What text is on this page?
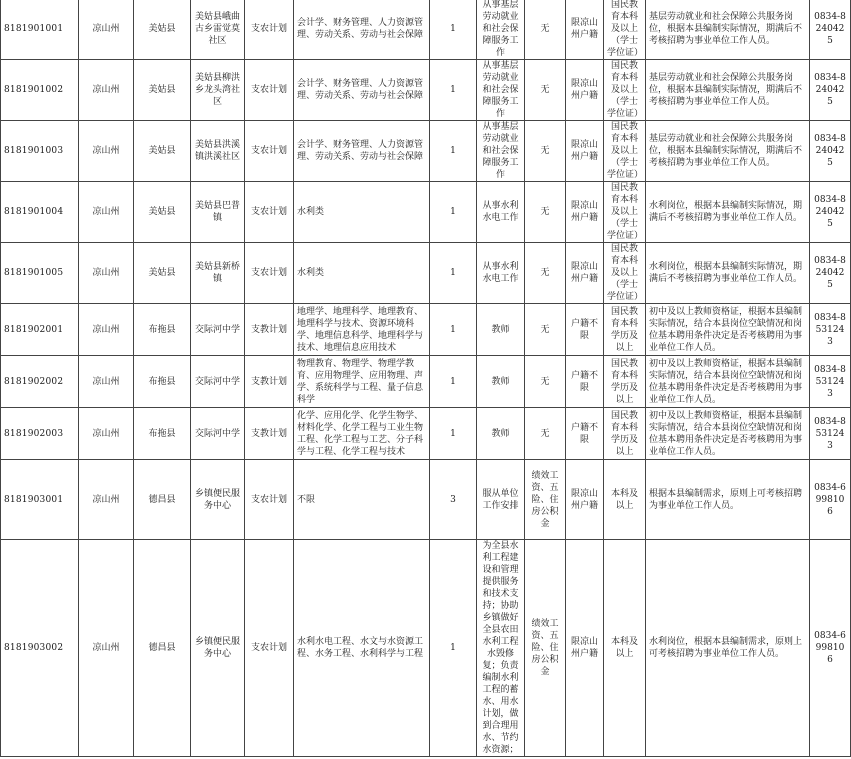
8181901001	凉山州	美姑县	美姑县峨曲古乡雷觉莫社区	支农计划	会计学、财务管理、人力资源管理、劳动关系、劳动与社会保障	1	从事基层劳动就业和社会保障服务工作	无	限凉山州户籍	国民教育本科及以上（学士学位证）	基层劳动就业和社会保障公共服务岗位，根据本县编制实际情况，期满后不考核招聘为事业单位工作人员。	0834-8240425
8181901002	凉山州	美姑县	美姑县柳洪乡龙头湾社区	支农计划	会计学、财务管理、人力资源管理、劳动关系、劳动与社会保障	1	从事基层劳动就业和社会保障服务工作	无	限凉山州户籍	国民教育本科及以上（学士学位证）	基层劳动就业和社会保障公共服务岗位，根据本县编制实际情况，期满后不考核招聘为事业单位工作人员。	0834-8240425
8181901003	凉山州	美姑县	美姑县洪溪镇洪溪社区	支农计划	会计学、财务管理、人力资源管理、劳动关系、劳动与社会保障	1	从事基层劳动就业和社会保障服务工作	无	限凉山州户籍	国民教育本科及以上（学士学位证）	基层劳动就业和社会保障公共服务岗位，根据本县编制实际情况，期满后不考核招聘为事业单位工作人员。	0834-8240425
8181901004	凉山州	美姑县	美姑县巴普镇	支农计划	水利类	1	从事水利水电工作	无	限凉山州户籍	国民教育本科及以上（学士学位证）	水利岗位，根据本县编制实际情况，期满后不考核招聘为事业单位工作人员。	0834-8240425
8181901005	凉山州	美姑县	美姑县新桥镇	支农计划	水利类	1	从事水利水电工作	无	限凉山州户籍	国民教育本科及以上（学士学位证）	水利岗位，根据本县编制实际情况，期满后不考核招聘为事业单位工作人员。	0834-8240425
8181902001	凉山州	布拖县	交际河中学	支教计划	地理学、地理科学、地理教育、地理科学与技术、资源环境科学、地理信息科学、地理科学与技术、地理信息应用技术	1	教师	无	户籍不限	国民教育本科学历及以上	初中及以上教师资格证，根据本县编制实际情况，结合本县岗位空缺情况和岗位基本聘用条件决定是否考核聘用为事业单位工作人员。	0834-8531243
8181902002	凉山州	布拖县	交际河中学	支教计划	物理教育、物理学、物理学教育、应用物理学、应用物理、声学、系统科学与工程、量子信息科学	1	教师	无	户籍不限	国民教育本科学历及以上	初中及以上教师资格证，根据本县编制实际情况，结合本县岗位空缺情况和岗位基本聘用条件决定是否考核聘用为事业单位工作人员。	0834-8531243
8181902003	凉山州	布拖县	交际河中学	支教计划	化学、应用化学、化学生物学、材料化学、化学工程与工业生物工程、化学工程与工艺、分子科学与工程、化学工程与技术	1	教师	无	户籍不限	国民教育本科学历及以上	初中及以上教师资格证，根据本县编制实际情况，结合本县岗位空缺情况和岗位基本聘用条件决定是否考核聘用为事业单位工作人员。	0834-8531243
8181903001	凉山州	德昌县	乡镇便民服务中心	支农计划	不限	3	服从单位工作安排	绩效工资、五险、住房公积金	限凉山州户籍	本科及以上	根据本县编制需求，原则上可考核招聘为事业单位工作人员。	0834-6998106
8181903002	凉山州	德昌县	乡镇便民服务中心	支农计划	水利水电工程、水文与水资源工程、水务工程、水利科学与工程	1	为全县水利工程建设和管理提供服务和技术支持；协助乡镇做好全县农田水利工程水毁修复；负责编制水利工程的蓄水、用水计划，做到合理用水、节约水资源；	绩效工资、五险、住房公积金	限凉山州户籍	本科及以上	水利岗位，根据本县编制需求，原则上可考核招聘为事业单位工作人员。	0834-6998106
